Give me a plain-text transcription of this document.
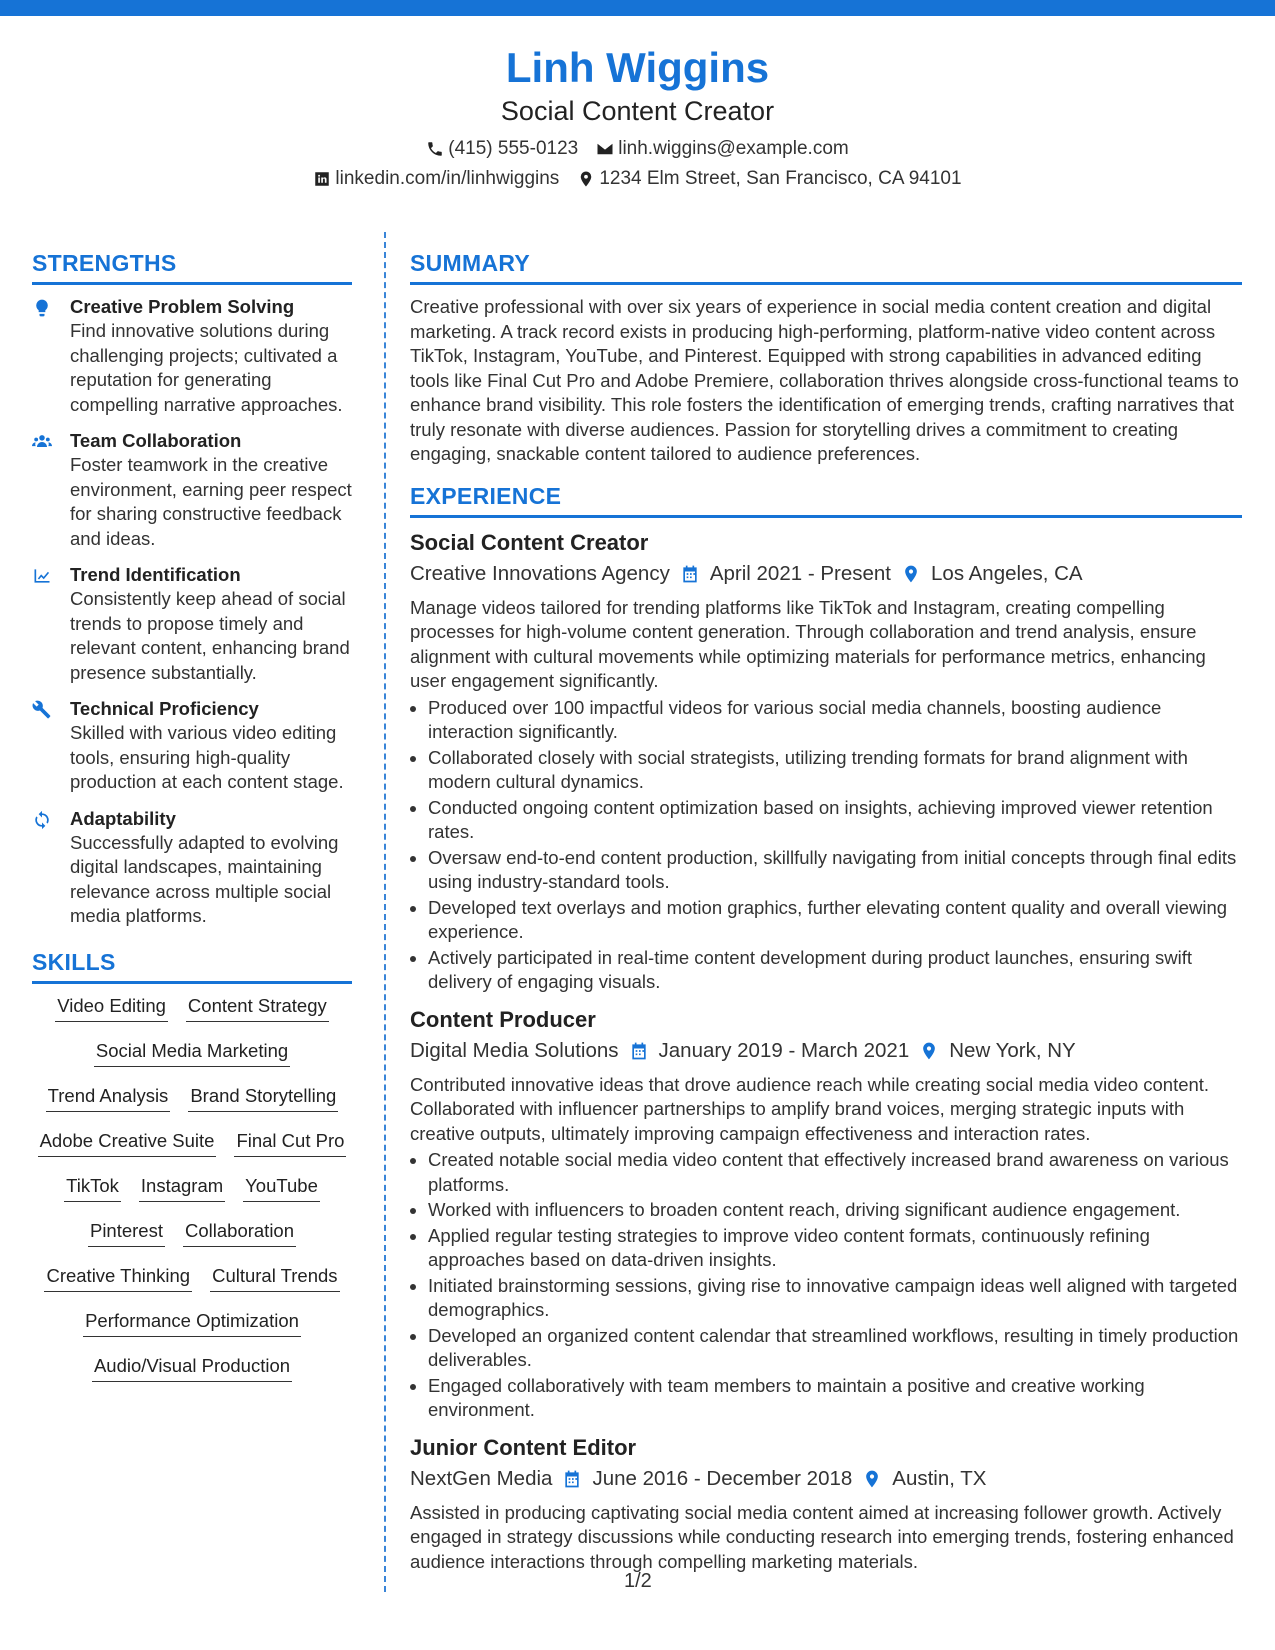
Linh Wiggins
Social Content Creator
(415) 555-0123 linh.wiggins@example.com
linkedin.com/in/linhwiggins 1234 Elm Street, San Francisco, CA 94101
STRENGTHS
Creative Problem Solving
Find innovative solutions during challenging projects; cultivated a reputation for generating compelling narrative approaches.
Team Collaboration
Foster teamwork in the creative environment, earning peer respect for sharing constructive feedback and ideas.
Trend Identification
Consistently keep ahead of social trends to propose timely and relevant content, enhancing brand presence substantially.
Technical Proficiency
Skilled with various video editing tools, ensuring high-quality production at each content stage.
Adaptability
Successfully adapted to evolving digital landscapes, maintaining relevance across multiple social media platforms.
SKILLS
Video Editing Content Strategy
Social Media Marketing
Trend Analysis Brand Storytelling
Adobe Creative Suite Final Cut Pro
TikTok Instagram YouTube
Pinterest Collaboration
Creative Thinking Cultural Trends
Performance Optimization
Audio/Visual Production
SUMMARY
Creative professional with over six years of experience in social media content creation and digital marketing. A track record exists in producing high-performing, platform-native video content across TikTok, Instagram, YouTube, and Pinterest. Equipped with strong capabilities in advanced editing tools like Final Cut Pro and Adobe Premiere, collaboration thrives alongside cross-functional teams to enhance brand visibility. This role fosters the identification of emerging trends, crafting narratives that truly resonate with diverse audiences. Passion for storytelling drives a commitment to creating engaging, snackable content tailored to audience preferences.
EXPERIENCE
Social Content Creator
Creative Innovations Agency April 2021 - Present Los Angeles, CA
Manage videos tailored for trending platforms like TikTok and Instagram, creating compelling processes for high-volume content generation. Through collaboration and trend analysis, ensure alignment with cultural movements while optimizing materials for performance metrics, enhancing user engagement significantly.
• Produced over 100 impactful videos for various social media channels, boosting audience interaction significantly.
• Collaborated closely with social strategists, utilizing trending formats for brand alignment with modern cultural dynamics.
• Conducted ongoing content optimization based on insights, achieving improved viewer retention rates.
• Oversaw end-to-end content production, skillfully navigating from initial concepts through final edits using industry-standard tools.
• Developed text overlays and motion graphics, further elevating content quality and overall viewing experience.
• Actively participated in real-time content development during product launches, ensuring swift delivery of engaging visuals.
Content Producer
Digital Media Solutions January 2019 - March 2021 New York, NY
Contributed innovative ideas that drove audience reach while creating social media video content. Collaborated with influencer partnerships to amplify brand voices, merging strategic inputs with creative outputs, ultimately improving campaign effectiveness and interaction rates.
• Created notable social media video content that effectively increased brand awareness on various platforms.
• Worked with influencers to broaden content reach, driving significant audience engagement.
• Applied regular testing strategies to improve video content formats, continuously refining approaches based on data-driven insights.
• Initiated brainstorming sessions, giving rise to innovative campaign ideas well aligned with targeted demographics.
• Developed an organized content calendar that streamlined workflows, resulting in timely production deliverables.
• Engaged collaboratively with team members to maintain a positive and creative working environment.
Junior Content Editor
NextGen Media June 2016 - December 2018 Austin, TX
Assisted in producing captivating social media content aimed at increasing follower growth. Actively engaged in strategy discussions while conducting research into emerging trends, fostering enhanced audience interactions through compelling marketing materials.
1/2
